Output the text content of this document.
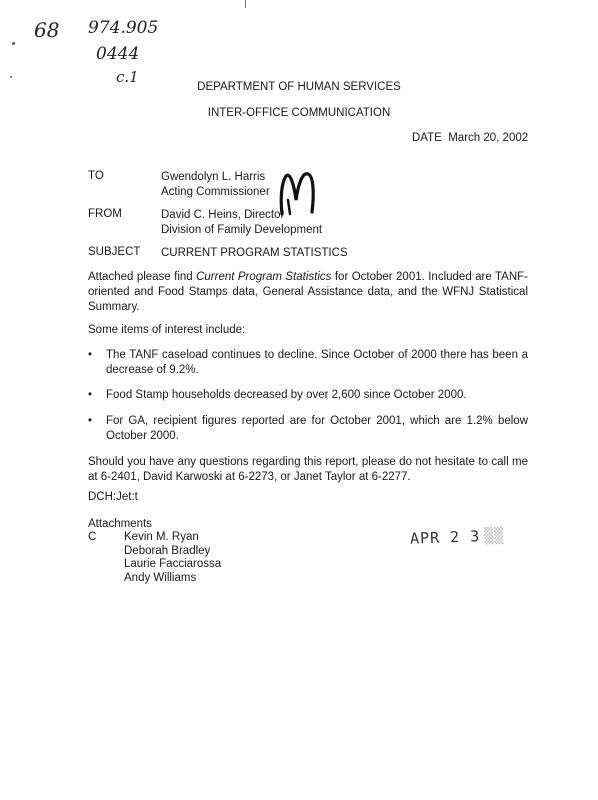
68 974.905
0444
c.1
DEPARTMENT OF HUMAN SERVICES
INTER-OFFICE COMMUNICATION
DATE March 20, 2002
TO	Gwendolyn L. Harris
Acting Commissioner
FROM	David C. Heins, Director
Division of Family Development
SUBJECT CURRENT PROGRAM STATISTICS
Attached please find Current Program Statistics for October 2001. Included are TANF-oriented and Food Stamps data, General Assistance data, and the WFNJ Statistical Summary.
Some items of interest include:
• The TANF caseload continues to decline. Since October of 2000 there has been a decrease of 9.2%.
• Food Stamp households decreased by over 2,600 since October 2000.
• For GA, recipient figures reported are for October 2001, which are 1.2% below October 2000.
Should you have any questions regarding this report, please do not hesitate to call me at 6-2401, David Karwoski at 6-2273, or Janet Taylor at 6-2277.
DCH:Jet:t
Attachments
C Kevin M. Ryan
Deborah Bradley
Laurie Facciarossa
Andy Williams
APR 2 3 ▒▒
